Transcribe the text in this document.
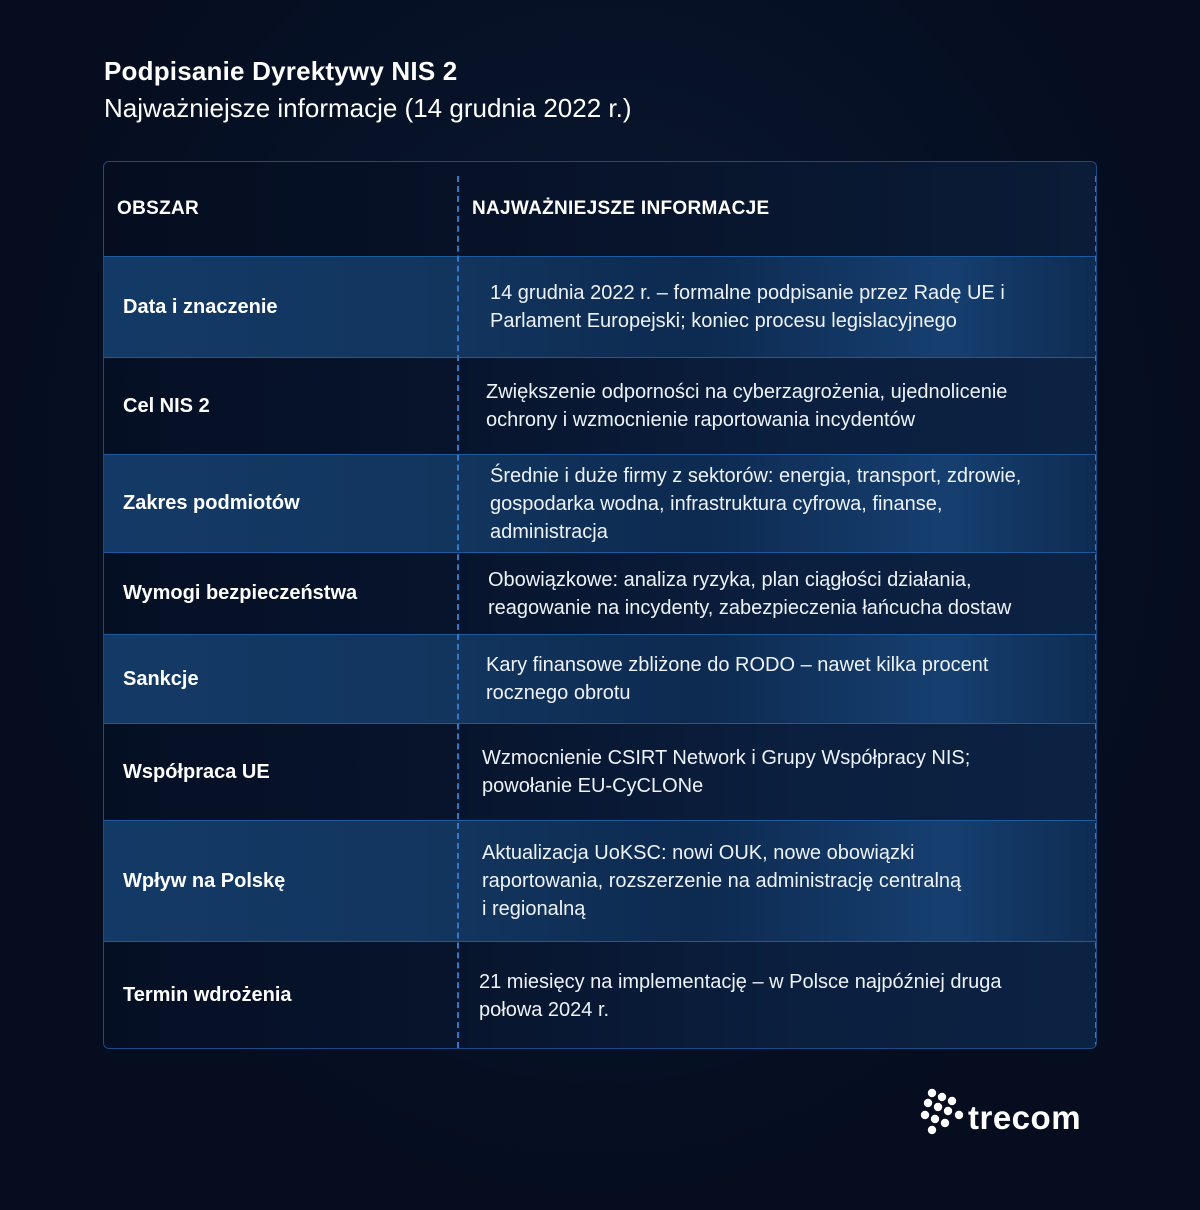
Podpisanie Dyrektywy NIS 2
Najważniejsze informacje (14 grudnia 2022 r.)
OBSZAR	NAJWAŻNIEJSZE INFORMACJE
Data i znaczenie
14 grudnia 2022 r. – formalne podpisanie przez Radę UE i
Parlament Europejski; koniec procesu legislacyjnego
Cel NIS 2
Zwiększenie odporności na cyberzagrożenia, ujednolicenie
ochrony i wzmocnienie raportowania incydentów
Zakres podmiotów
Średnie i duże firmy z sektorów: energia, transport, zdrowie,
gospodarka wodna, infrastruktura cyfrowa, finanse,
administracja
Wymogi bezpieczeństwa
Obowiązkowe: analiza ryzyka, plan ciągłości działania,
reagowanie na incydenty, zabezpieczenia łańcucha dostaw
Sankcje
Kary finansowe zbliżone do RODO – nawet kilka procent
rocznego obrotu
Współpraca UE
Wzmocnienie CSIRT Network i Grupy Współpracy NIS;
powołanie EU-CyCLONe
Wpływ na Polskę
Aktualizacja UoKSC: nowi OUK, nowe obowiązki
raportowania, rozszerzenie na administrację centralną
i regionalną
Termin wdrożenia
21 miesięcy na implementację – w Polsce najpóźniej druga
połowa 2024 r.
trecom
